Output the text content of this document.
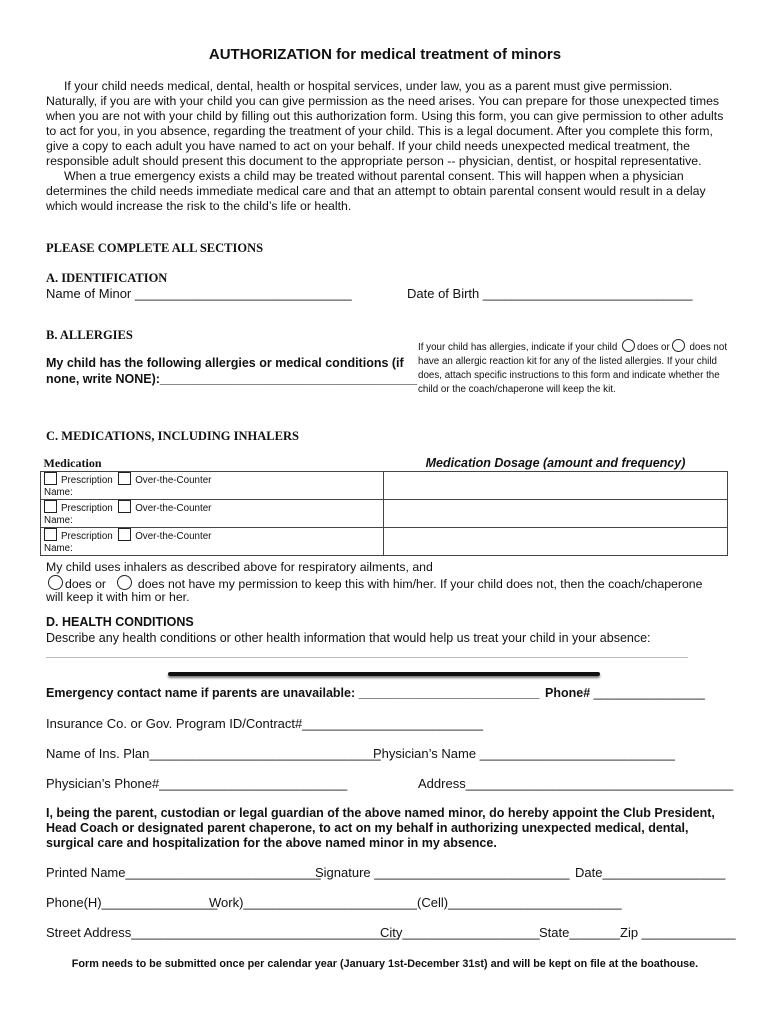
AUTHORIZATION for medical treatment of minors

If your child needs medical, dental, health or hospital services, under law, you as a parent must give permission. Naturally, if you are with your child you can give permission as the need arises. You can prepare for those unexpected times when you are not with your child by filling out this authorization form. Using this form, you can give permission to other adults to act for you, in you absence, regarding the treatment of your child. This is a legal document. After you complete this form, give a copy to each adult you have named to act on your behalf. If your child needs unexpected medical treatment, the responsible adult should present this document to the appropriate person -- physician, dentist, or hospital representative.

When a true emergency exists a child may be treated without parental consent. This will happen when a physician determines the child needs immediate medical care and that an attempt to obtain parental consent would result in a delay which would increase the risk to the child’s life or health.

PLEASE COMPLETE ALL SECTIONS
A. IDENTIFICATION
Name of Minor ______________________________	Date of Birth _____________________________
B. ALLERGIES
My child has the following allergies or medical conditions (if
none, write NONE):_____________________________________
If your child has allergies, indicate if your child does or does not have an allergic reaction kit for any of the listed allergies. If your child does, attach specific instructions to this form and indicate whether the child or the coach/chaperone will keep the kit.
C. MEDICATIONS, INCLUDING INHALERS
Medication	Medication Dosage (amount and frequency)

Prescription Over-the-Counter
Name:	
Prescription Over-the-Counter
Name:	
Prescription Over-the-Counter
Name:	
My child uses inhalers as described above for respiratory ailments, and
does or	does not have my permission to keep this with him/her. If your child does not, then the coach/chaperone
will keep it with him or her.
D. HEALTH CONDITIONS
Describe any health conditions or other health information that would help us treat your child in your absence:
Emergency contact name if parents are unavailable: __________________________ Phone# ________________
Insurance Co. or Gov. Program ID/Contract#_________________________
Name of Ins. Plan________________________________
Physician’s Name ___________________________
Physician’s Phone#__________________________	Address_____________________________________
I, being the parent, custodian or legal guardian of the above named minor, do hereby appoint the Club President, Head Coach or designated parent chaperone, to act on my behalf in authorizing unexpected medical, dental, surgical care and hospitalization for the above named minor in my absence.
Printed Name___________________________
Signature ___________________________ Date_________________
Phone(H)________________
Work)________________________ (Cell)________________________
Street Address_____________________________________
City___________________ State_______ Zip _____________
Form needs to be submitted once per calendar year (January 1st-December 31st) and will be kept on file at the boathouse.
